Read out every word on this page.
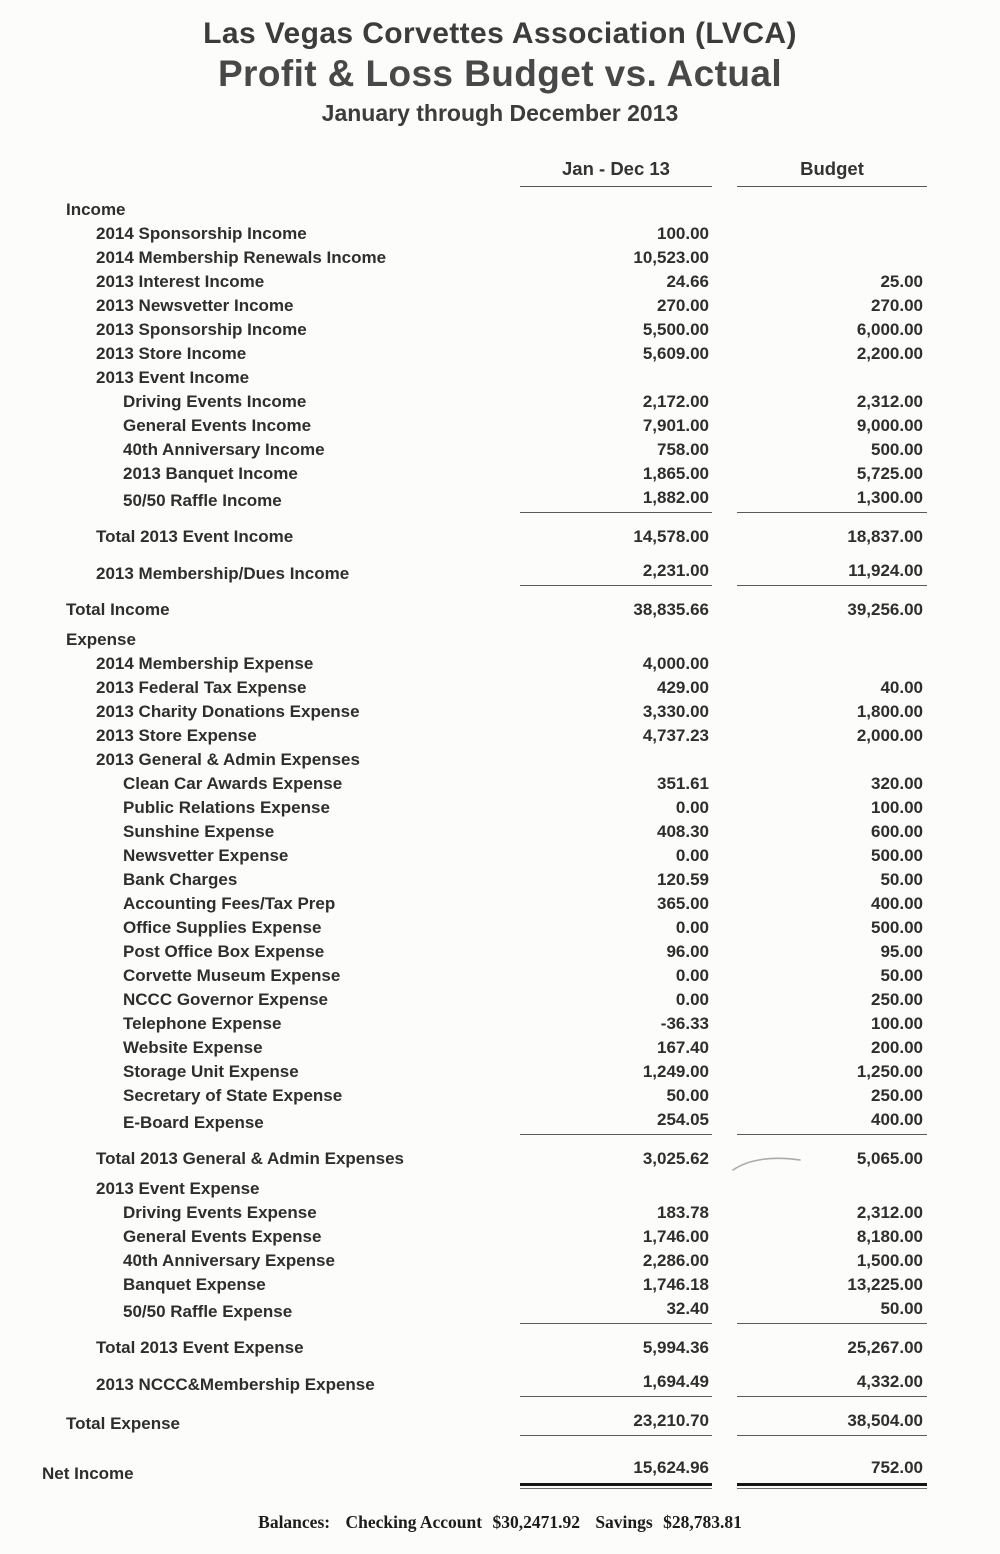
Las Vegas Corvettes Association (LVCA)
Profit & Loss Budget vs. Actual
January through December 2013
Jan - Dec 13	Budget
Income
2014 Sponsorship Income	100.00
2014 Membership Renewals Income	10,523.00
2013 Interest Income	24.66	25.00
2013 Newsvetter Income	270.00	270.00
2013 Sponsorship Income	5,500.00	6,000.00
2013 Store Income	5,609.00	2,200.00
2013 Event Income
Driving Events Income	2,172.00	2,312.00
General Events Income	7,901.00	9,000.00
40th Anniversary Income	758.00	500.00
2013 Banquet Income	1,865.00	5,725.00
50/50 Raffle Income	1,882.00	1,300.00
Total 2013 Event Income	14,578.00	18,837.00
2013 Membership/Dues Income	2,231.00	11,924.00
Total Income	38,835.66	39,256.00
Expense
2014 Membership Expense	4,000.00
2013 Federal Tax Expense	429.00	40.00
2013 Charity Donations Expense	3,330.00	1,800.00
2013 Store Expense	4,737.23	2,000.00
2013 General & Admin Expenses
Clean Car Awards Expense	351.61	320.00
Public Relations Expense	0.00	100.00
Sunshine Expense	408.30	600.00
Newsvetter Expense	0.00	500.00
Bank Charges	120.59	50.00
Accounting Fees/Tax Prep	365.00	400.00
Office Supplies Expense	0.00	500.00
Post Office Box Expense	96.00	95.00
Corvette Museum Expense	0.00	50.00
NCCC Governor Expense	0.00	250.00
Telephone Expense	-36.33	100.00
Website Expense	167.40	200.00
Storage Unit Expense	1,249.00	1,250.00
Secretary of State Expense	50.00	250.00
E-Board Expense	254.05	400.00
Total 2013 General & Admin Expenses	3,025.62	5,065.00
2013 Event Expense
Driving Events Expense	183.78	2,312.00
General Events Expense	1,746.00	8,180.00
40th Anniversary Expense	2,286.00	1,500.00
Banquet Expense	1,746.18	13,225.00
50/50 Raffle Expense	32.40	50.00
Total 2013 Event Expense	5,994.36	25,267.00
2013 NCCC&Membership Expense	1,694.49	4,332.00
Total Expense	23,210.70	38,504.00
Net Income	15,624.96	752.00
Balances: Checking Account $30,2471.92 Savings $28,783.81
